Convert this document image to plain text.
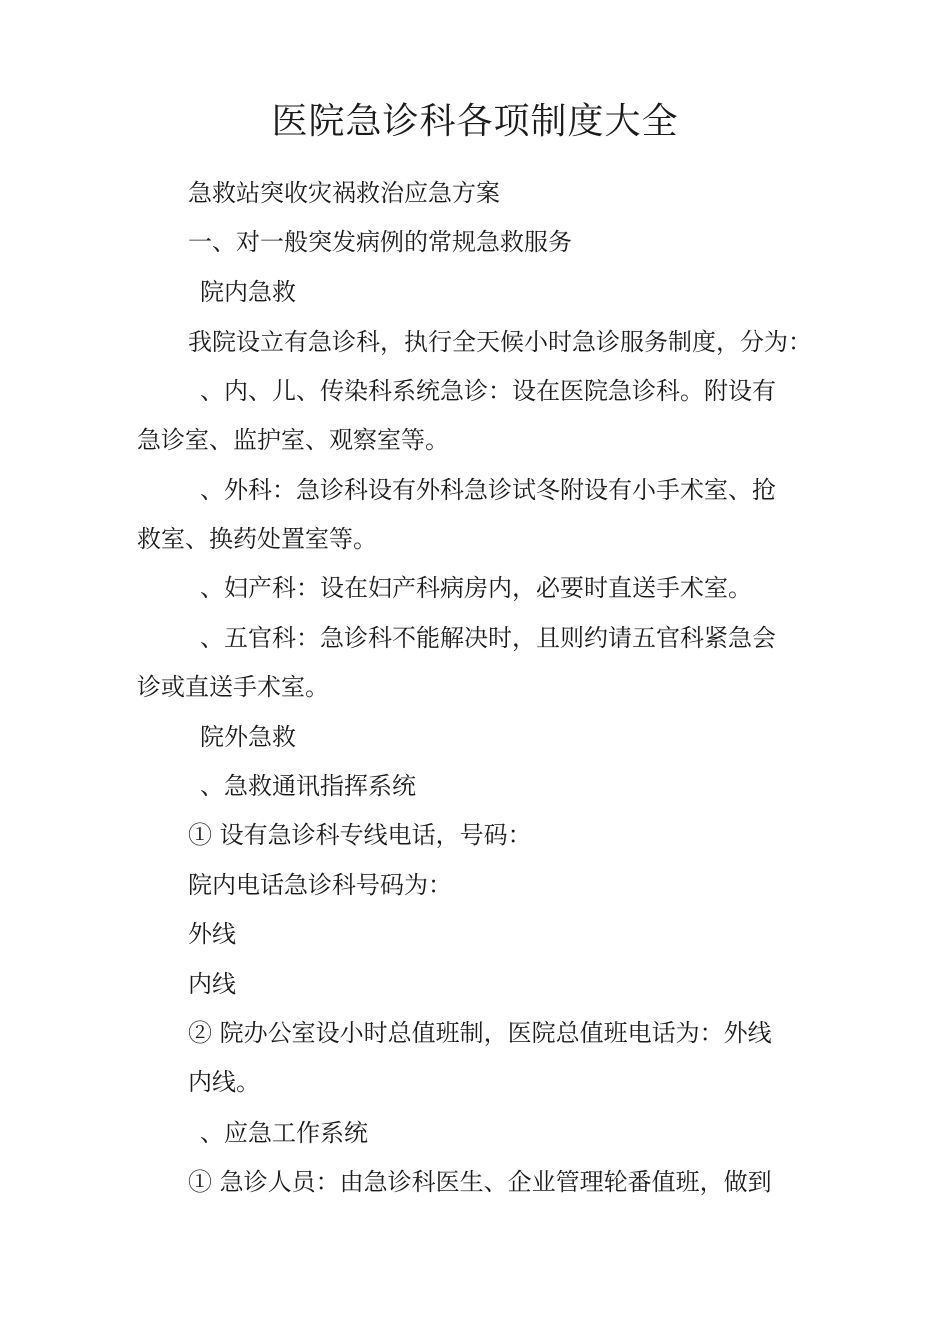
医院急诊科各项制度大全

急救站突收灾祸救治应急方案

一、对一般突发病例的常规急救服务

院内急救

我院设立有急诊科，执行全天候小时急诊服务制度，分为：

、内、儿、传染科系统急诊：设在医院急诊科。附设有

急诊室、监护室、观察室等。

、外科：急诊科设有外科急诊试冬附设有小手术室、抢

救室、换药处置室等。

、妇产科：设在妇产科病房内，必要时直送手术室。

、五官科：急诊科不能解决时，且则约请五官科紧急会

诊或直送手术室。

院外急救

、急救通讯指挥系统

① 设有急诊科专线电话，号码：

院内电话急诊科号码为：

外线

内线

② 院办公室设小时总值班制，医院总值班电话为：外线

内线。

、应急工作系统

① 急诊人员：由急诊科医生、企业管理轮番值班，做到
